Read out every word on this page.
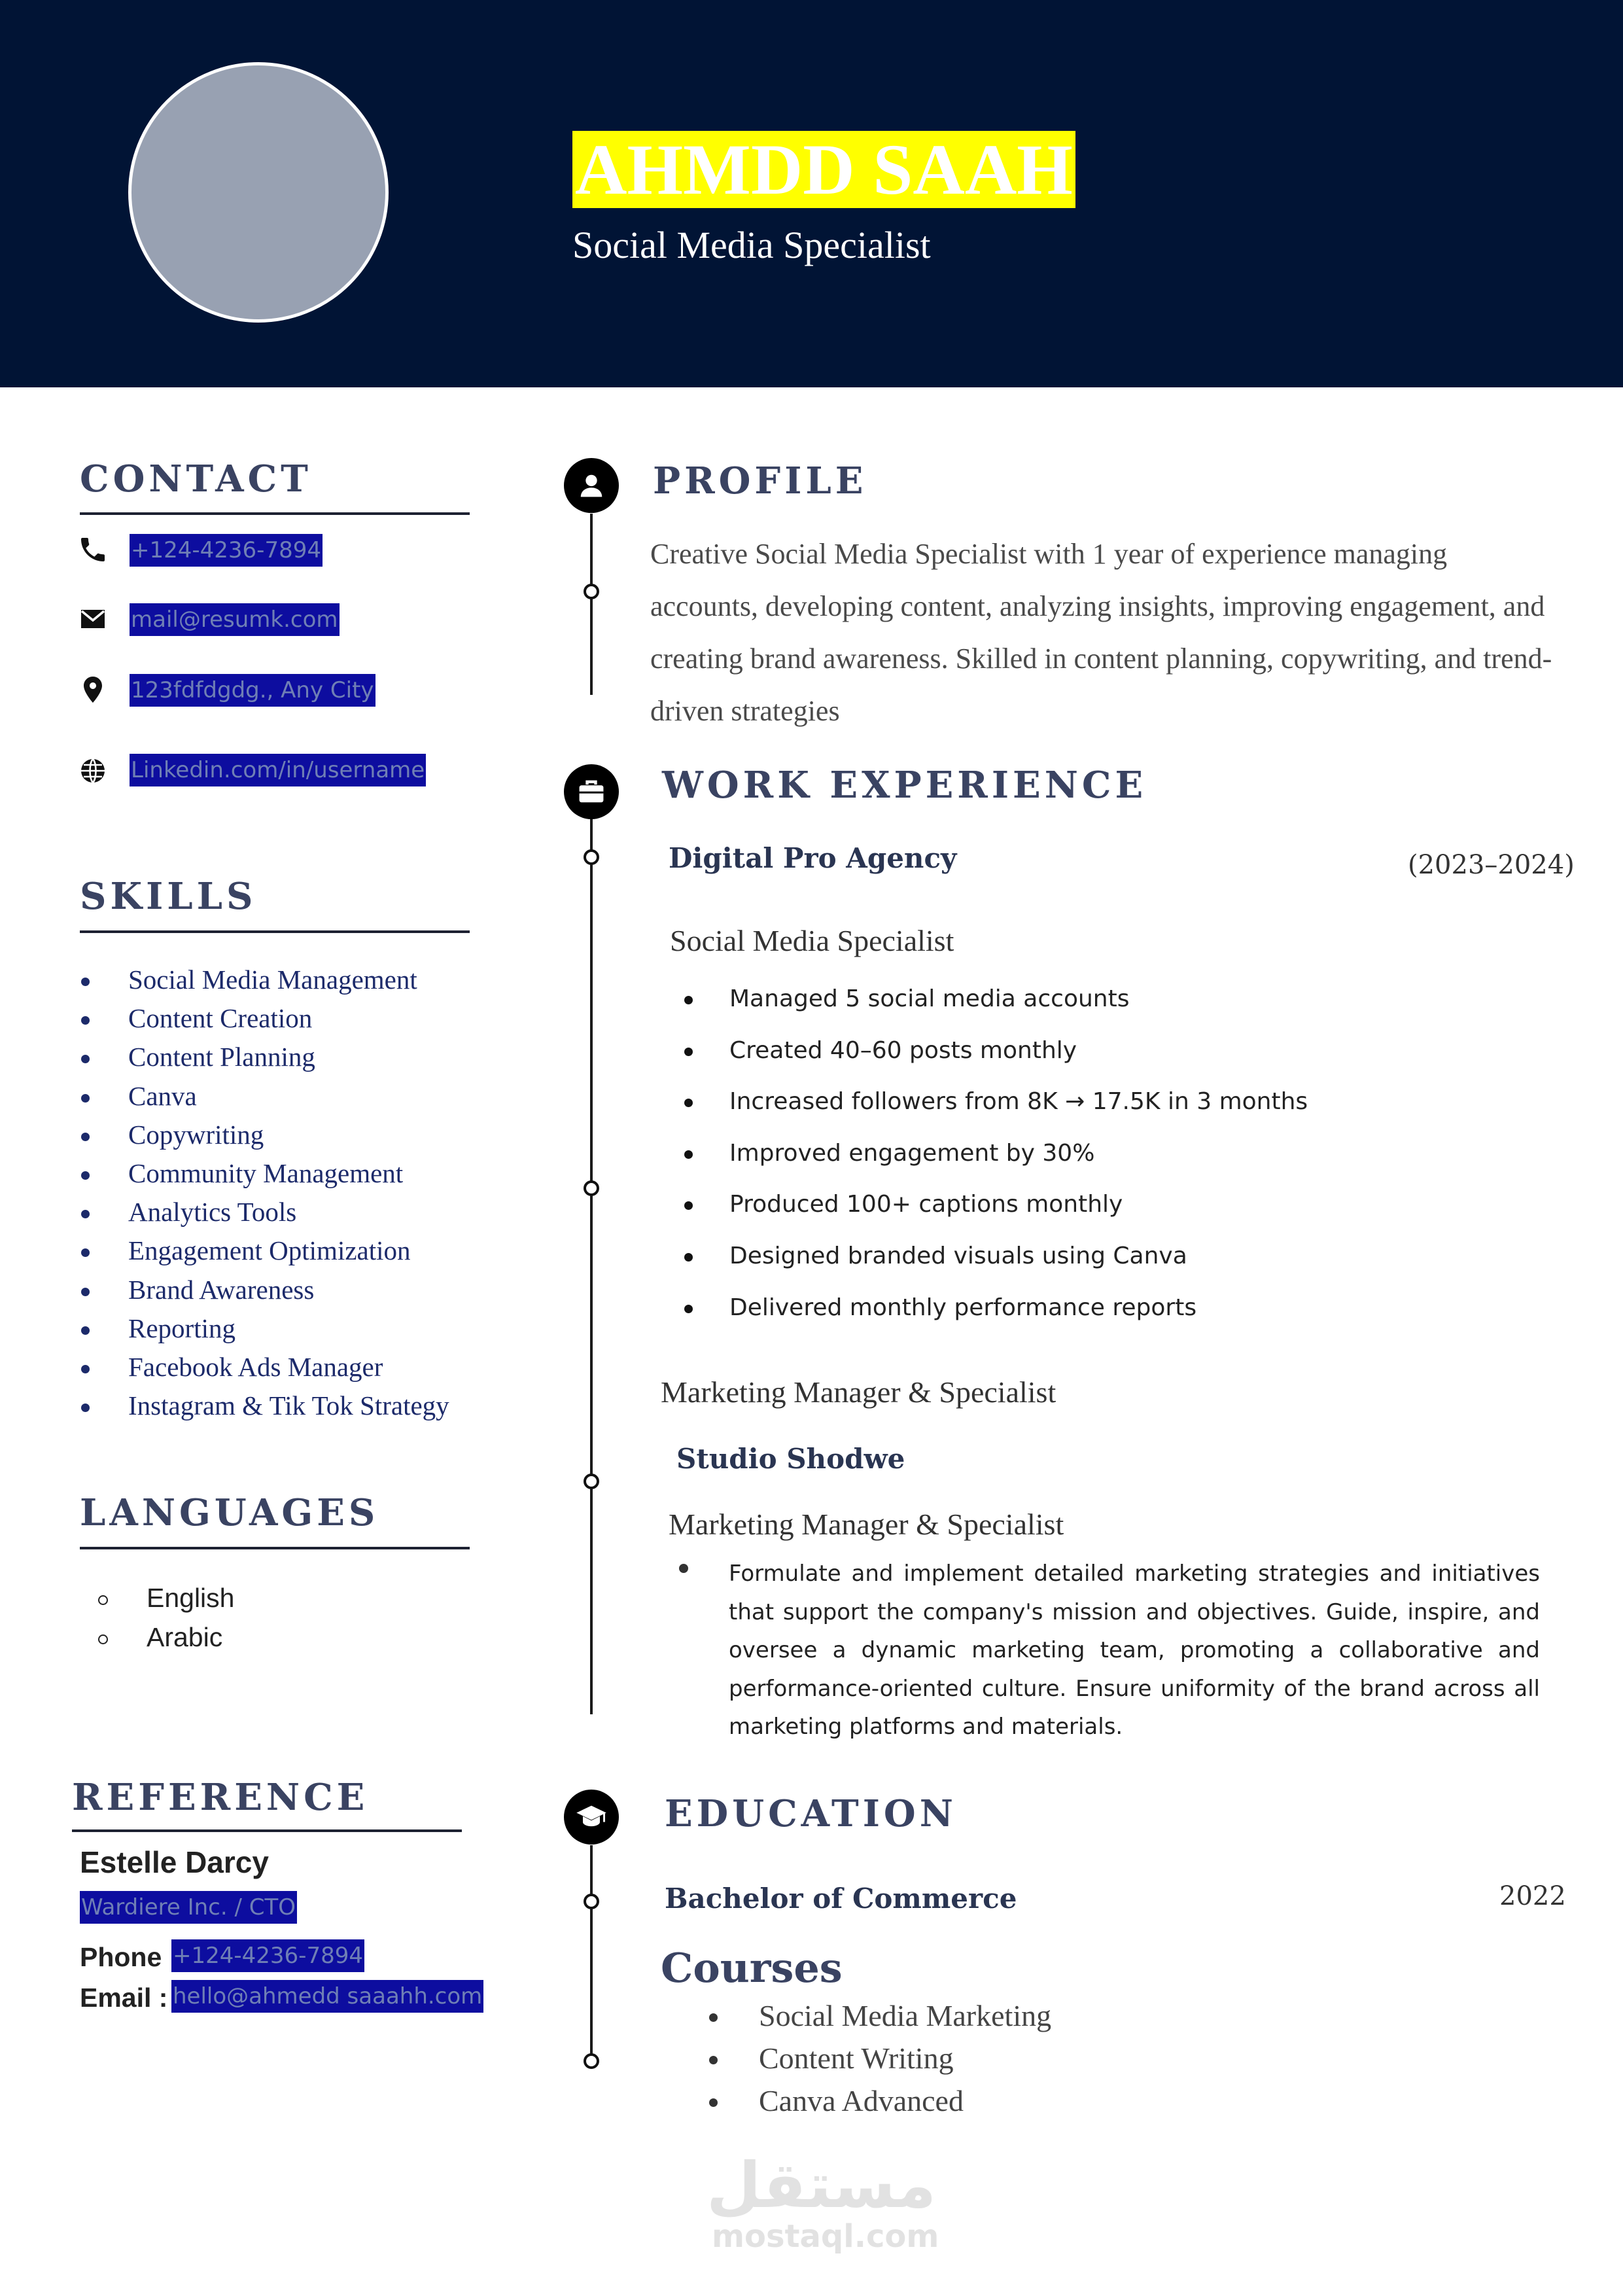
AHMDD SAAH
Social Media Specialist
CONTACT
+124-4236-7894
mail@resumk.com
123fdfdgdg., Any City
Linkedin.com/in/username
SKILLS
Social Media Management
Content Creation
Content Planning
Canva
Copywriting
Community Management
Analytics Tools
Engagement Optimization
Brand Awareness
Reporting
Facebook Ads Manager
Instagram & Tik Tok Strategy
LANGUAGES
English
Arabic
REFERENCE
Estelle Darcy
Wardiere Inc. / CTO
Phone +124-4236-7894
Email : hello@ahmedd saaahh.com
PROFILE
Creative Social Media Specialist with 1 year of experience managing accounts, developing content, analyzing insights, improving engagement, and creating brand awareness. Skilled in content planning, copywriting, and trend-driven strategies
WORK EXPERIENCE
Digital Pro Agency	(2023–2024)
Social Media Specialist
Managed 5 social media accounts
Created 40–60 posts monthly
Increased followers from 8K → 17.5K in 3 months
Improved engagement by 30%
Produced 100+ captions monthly
Designed branded visuals using Canva
Delivered monthly performance reports
Marketing Manager & Specialist
Studio Shodwe
Marketing Manager & Specialist
Formulate and implement detailed marketing strategies and initiatives that support the company's mission and objectives. Guide, inspire, and oversee a dynamic marketing team, promoting a collaborative and performance-oriented culture. Ensure uniformity of the brand across all marketing platforms and materials.
EDUCATION
Bachelor of Commerce	2022
Courses
Social Media Marketing
Content Writing
Canva Advanced
مستقل
mostaql.com
